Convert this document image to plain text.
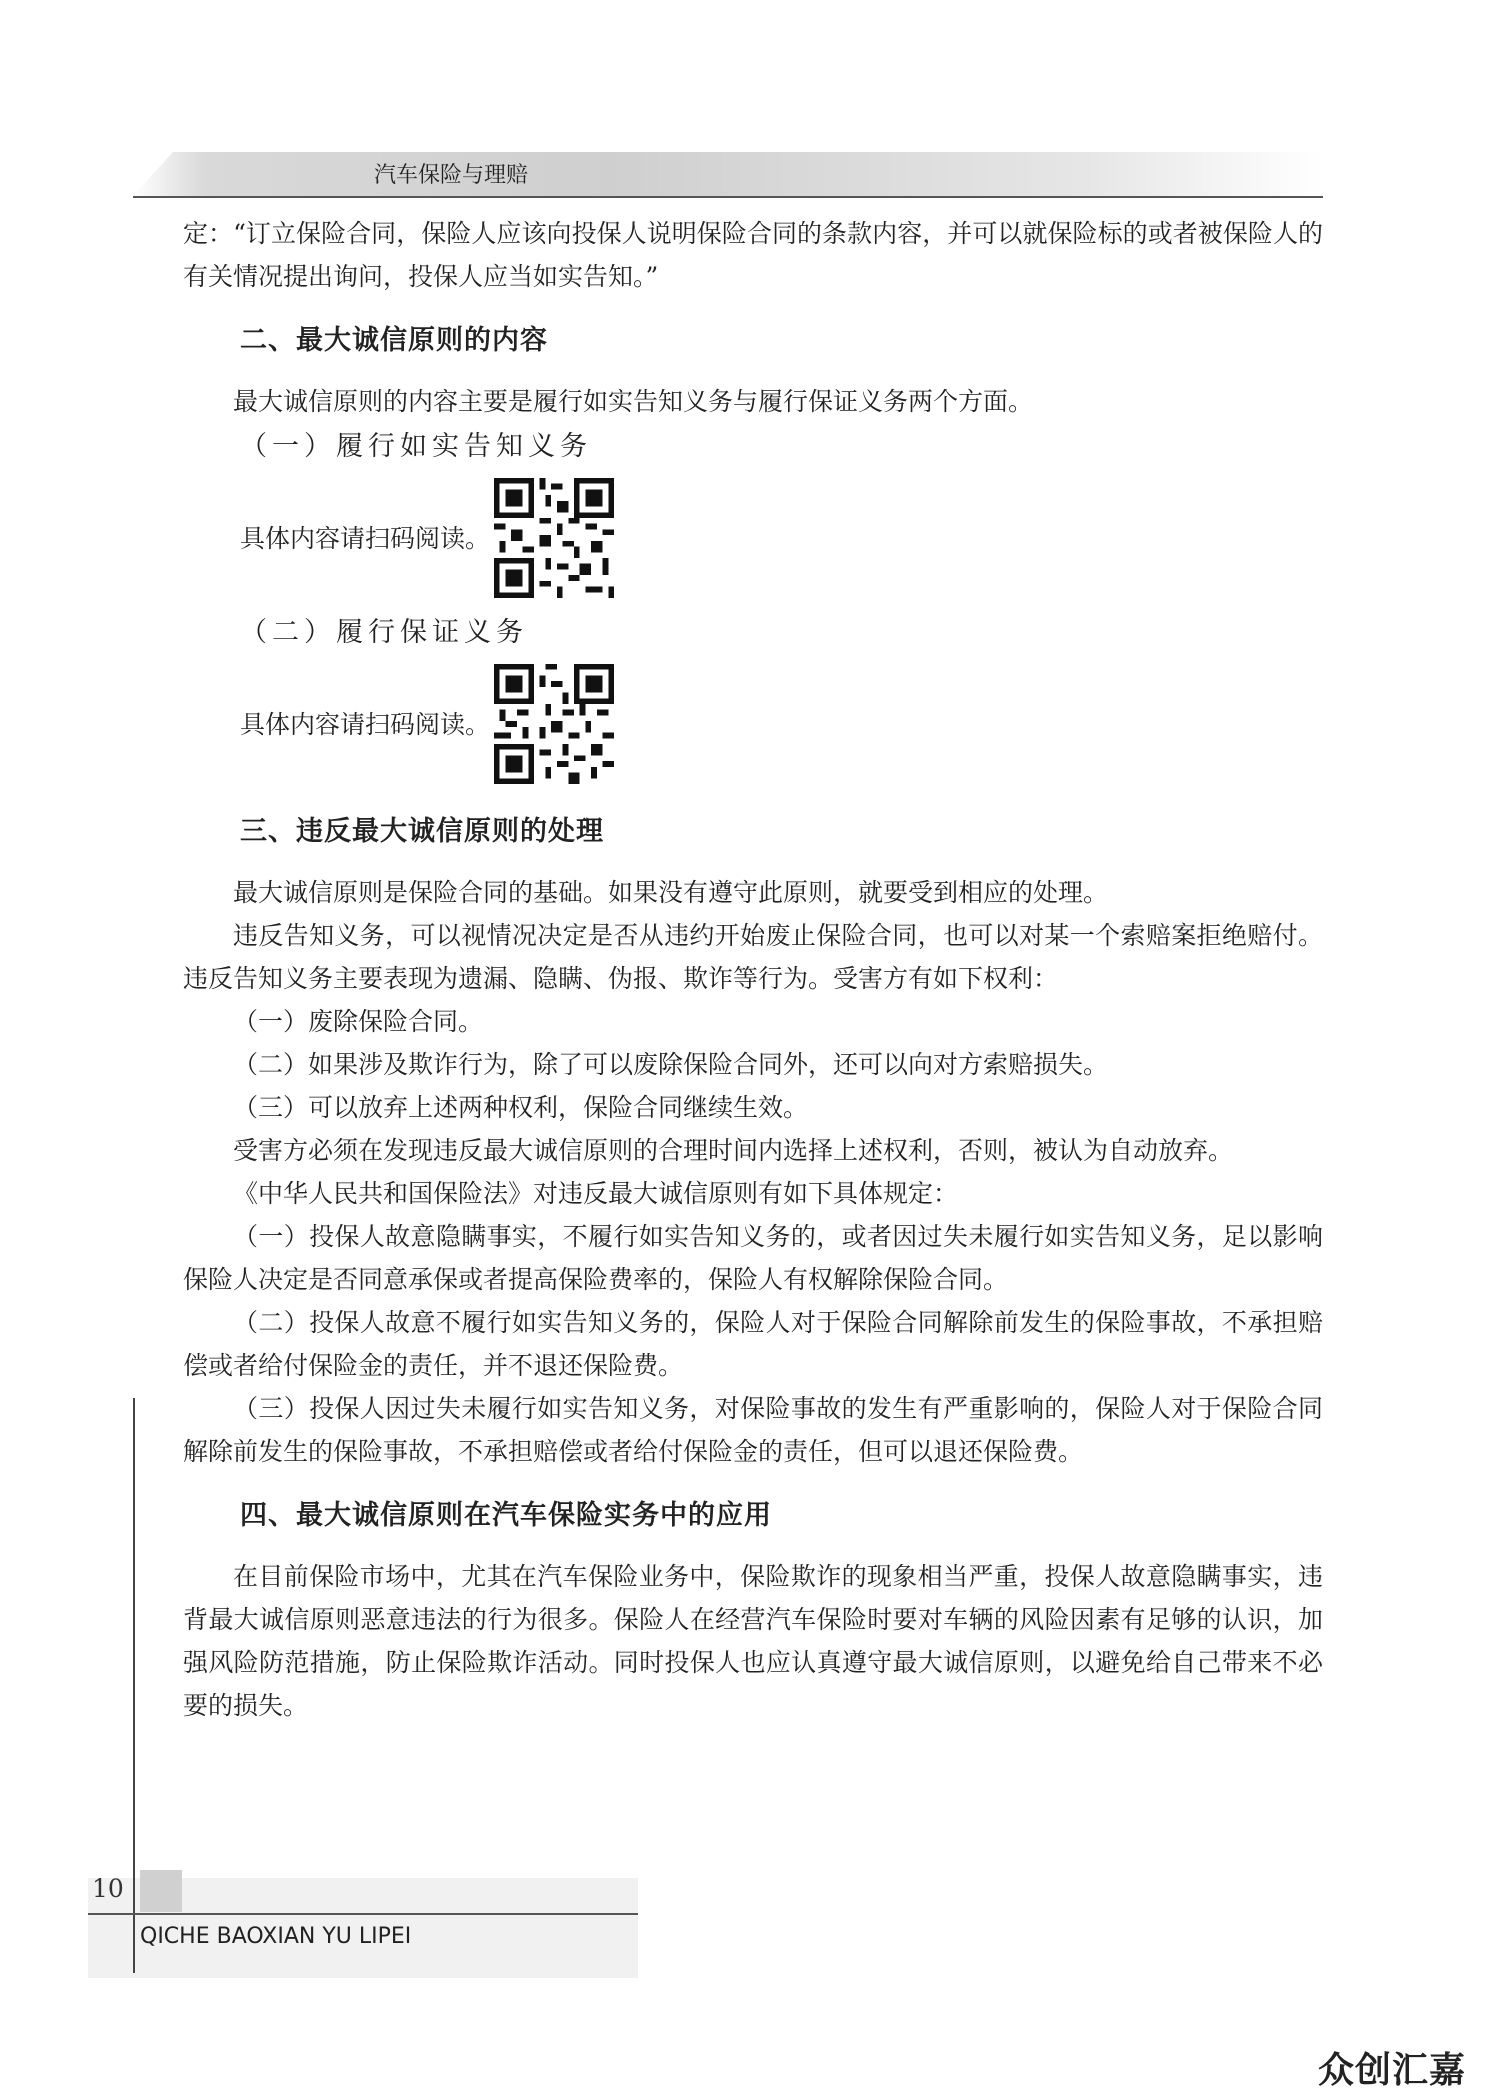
汽车保险与理赔

定：“订立保险合同，保险人应该向投保人说明保险合同的条款内容，并可以就保险标的或者被保险人的有关情况提出询问，投保人应当如实告知。”

二、最大诚信原则的内容

最大诚信原则的内容主要是履行如实告知义务与履行保证义务两个方面。

（一）履行如实告知义务
具体内容请扫码阅读。
（二）履行保证义务
具体内容请扫码阅读。
三、违反最大诚信原则的处理

最大诚信原则是保险合同的基础。如果没有遵守此原则，就要受到相应的处理。

违反告知义务，可以视情况决定是否从违约开始废止保险合同，也可以对某一个索赔案拒绝赔付。违反告知义务主要表现为遗漏、隐瞒、伪报、欺诈等行为。受害方有如下权利：

（一）废除保险合同。

（二）如果涉及欺诈行为，除了可以废除保险合同外，还可以向对方索赔损失。

（三）可以放弃上述两种权利，保险合同继续生效。

受害方必须在发现违反最大诚信原则的合理时间内选择上述权利，否则，被认为自动放弃。

《中华人民共和国保险法》对违反最大诚信原则有如下具体规定：

（一）投保人故意隐瞒事实，不履行如实告知义务的，或者因过失未履行如实告知义务，足以影响保险人决定是否同意承保或者提高保险费率的，保险人有权解除保险合同。

（二）投保人故意不履行如实告知义务的，保险人对于保险合同解除前发生的保险事故，不承担赔偿或者给付保险金的责任，并不退还保险费。

（三）投保人因过失未履行如实告知义务，对保险事故的发生有严重影响的，保险人对于保险合同解除前发生的保险事故，不承担赔偿或者给付保险金的责任，但可以退还保险费。

四、最大诚信原则在汽车保险实务中的应用

在目前保险市场中，尤其在汽车保险业务中，保险欺诈的现象相当严重，投保人故意隐瞒事实，违背最大诚信原则恶意违法的行为很多。保险人在经营汽车保险时要对车辆的风险因素有足够的认识，加强风险防范措施，防止保险欺诈活动。同时投保人也应认真遵守最大诚信原则，以避免给自己带来不必要的损失。

10
QICHE BAOXIAN YU LIPEI
众创汇嘉
